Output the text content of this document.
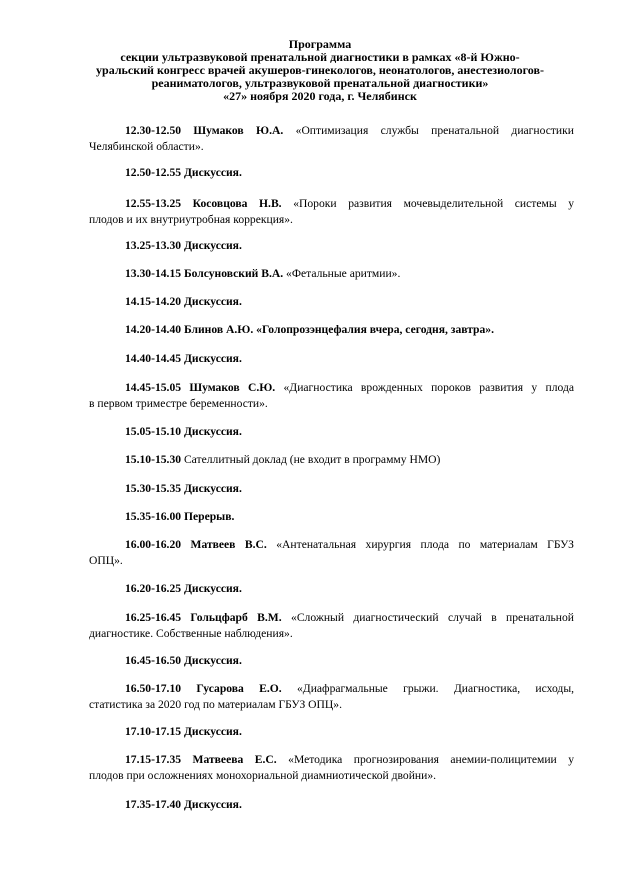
Программа
секции ультразвуковой пренатальной диагностики в рамках «8-й Южно-
уральский конгресс врачей акушеров-гинекологов, неонатологов, анестезиологов-
реаниматологов, ультразвуковой пренатальной диагностики»
«27» ноября 2020 года, г. Челябинск
12.30-12.50 Шумаков Ю.А. «Оптимизация службы пренатальной диагностики
Челябинской области».
12.50-12.55 Дискуссия.
12.55-13.25 Косовцова Н.В. «Пороки развития мочевыделительной системы у
плодов и их внутриутробная коррекция».
13.25-13.30 Дискуссия.
13.30-14.15 Болсуновский В.А. «Фетальные аритмии».
14.15-14.20 Дискуссия.
14.20-14.40 Блинов А.Ю. «Голопрозэнцефалия вчера, сегодня, завтра».
14.40-14.45 Дискуссия.
14.45-15.05 Шумаков С.Ю. «Диагностика врожденных пороков развития у плода
в первом триместре беременности».
15.05-15.10 Дискуссия.
15.10-15.30 Сателлитный доклад (не входит в программу НМО)
15.30-15.35 Дискуссия.
15.35-16.00 Перерыв.
16.00-16.20 Матвеев В.С. «Антенатальная хирургия плода по материалам ГБУЗ
ОПЦ».
16.20-16.25 Дискуссия.
16.25-16.45 Гольцфарб В.М. «Сложный диагностический случай в пренатальной
диагностике. Собственные наблюдения».
16.45-16.50 Дискуссия.
16.50-17.10 Гусарова Е.О. «Диафрагмальные грыжи. Диагностика, исходы,
статистика за 2020 год по материалам ГБУЗ ОПЦ».
17.10-17.15 Дискуссия.
17.15-17.35 Матвеева Е.С. «Методика прогнозирования анемии-полицитемии у
плодов при осложнениях монохориальной диамниотической двойни».
17.35-17.40 Дискуссия.
